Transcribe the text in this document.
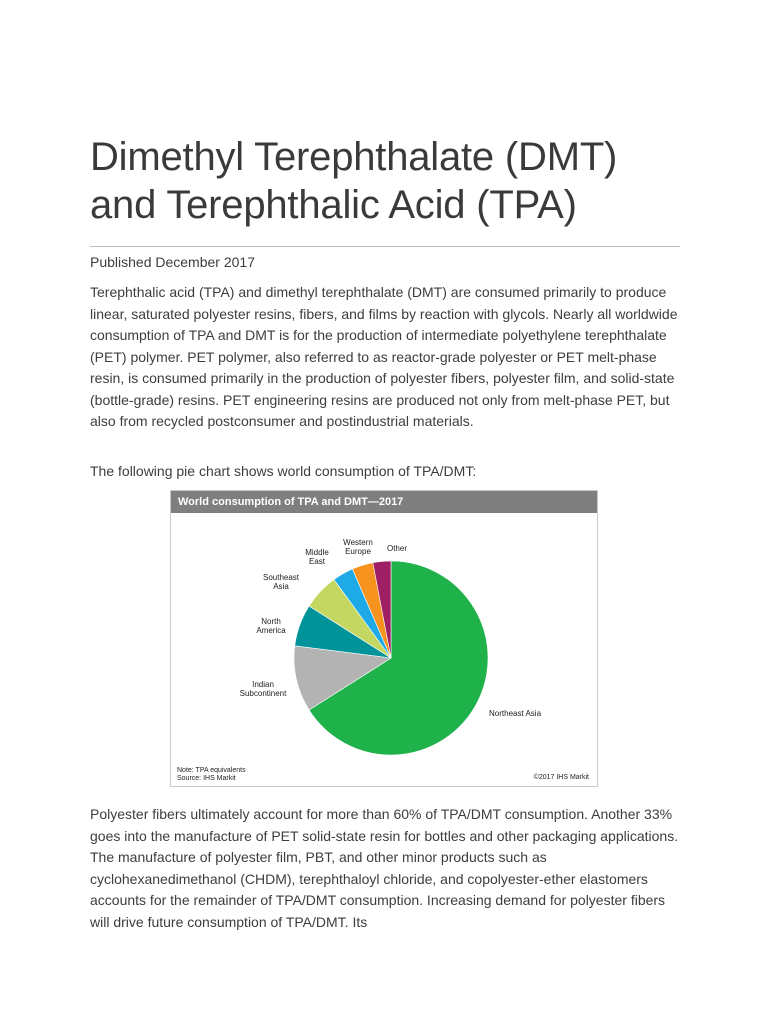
Dimethyl Terephthalate (DMT) and Terephthalic Acid (TPA)
Published December 2017

Terephthalic acid (TPA) and dimethyl terephthalate (DMT) are consumed primarily to produce linear, saturated polyester resins, fibers, and films by reaction with glycols. Nearly all worldwide consumption of TPA and DMT is for the production of intermediate polyethylene terephthalate (PET) polymer. PET polymer, also referred to as reactor-grade polyester or PET melt-phase resin, is consumed primarily in the production of polyester fibers, polyester film, and solid-state (bottle-grade) resins. PET engineering resins are produced not only from melt-phase PET, but also from recycled postconsumer and postindustrial materials.

The following pie chart shows world consumption of TPA/DMT:

World consumption of TPA and DMT—2017
Northeast Asia
Indian Subcontinent
North America
Southeast Asia
Middle East
Western Europe Other
Note: TPA equivalents
Source: IHS Markit	©2017 IHS Markit

Polyester fibers ultimately account for more than 60% of TPA/DMT consumption. Another 33% goes into the manufacture of PET solid-state resin for bottles and other packaging applications. The manufacture of polyester film, PBT, and other minor products such as cyclohexanedimethanol (CHDM), terephthaloyl chloride, and copolyester-ether elastomers accounts for the remainder of TPA/DMT consumption. Increasing demand for polyester fibers will drive future consumption of TPA/DMT. Its
